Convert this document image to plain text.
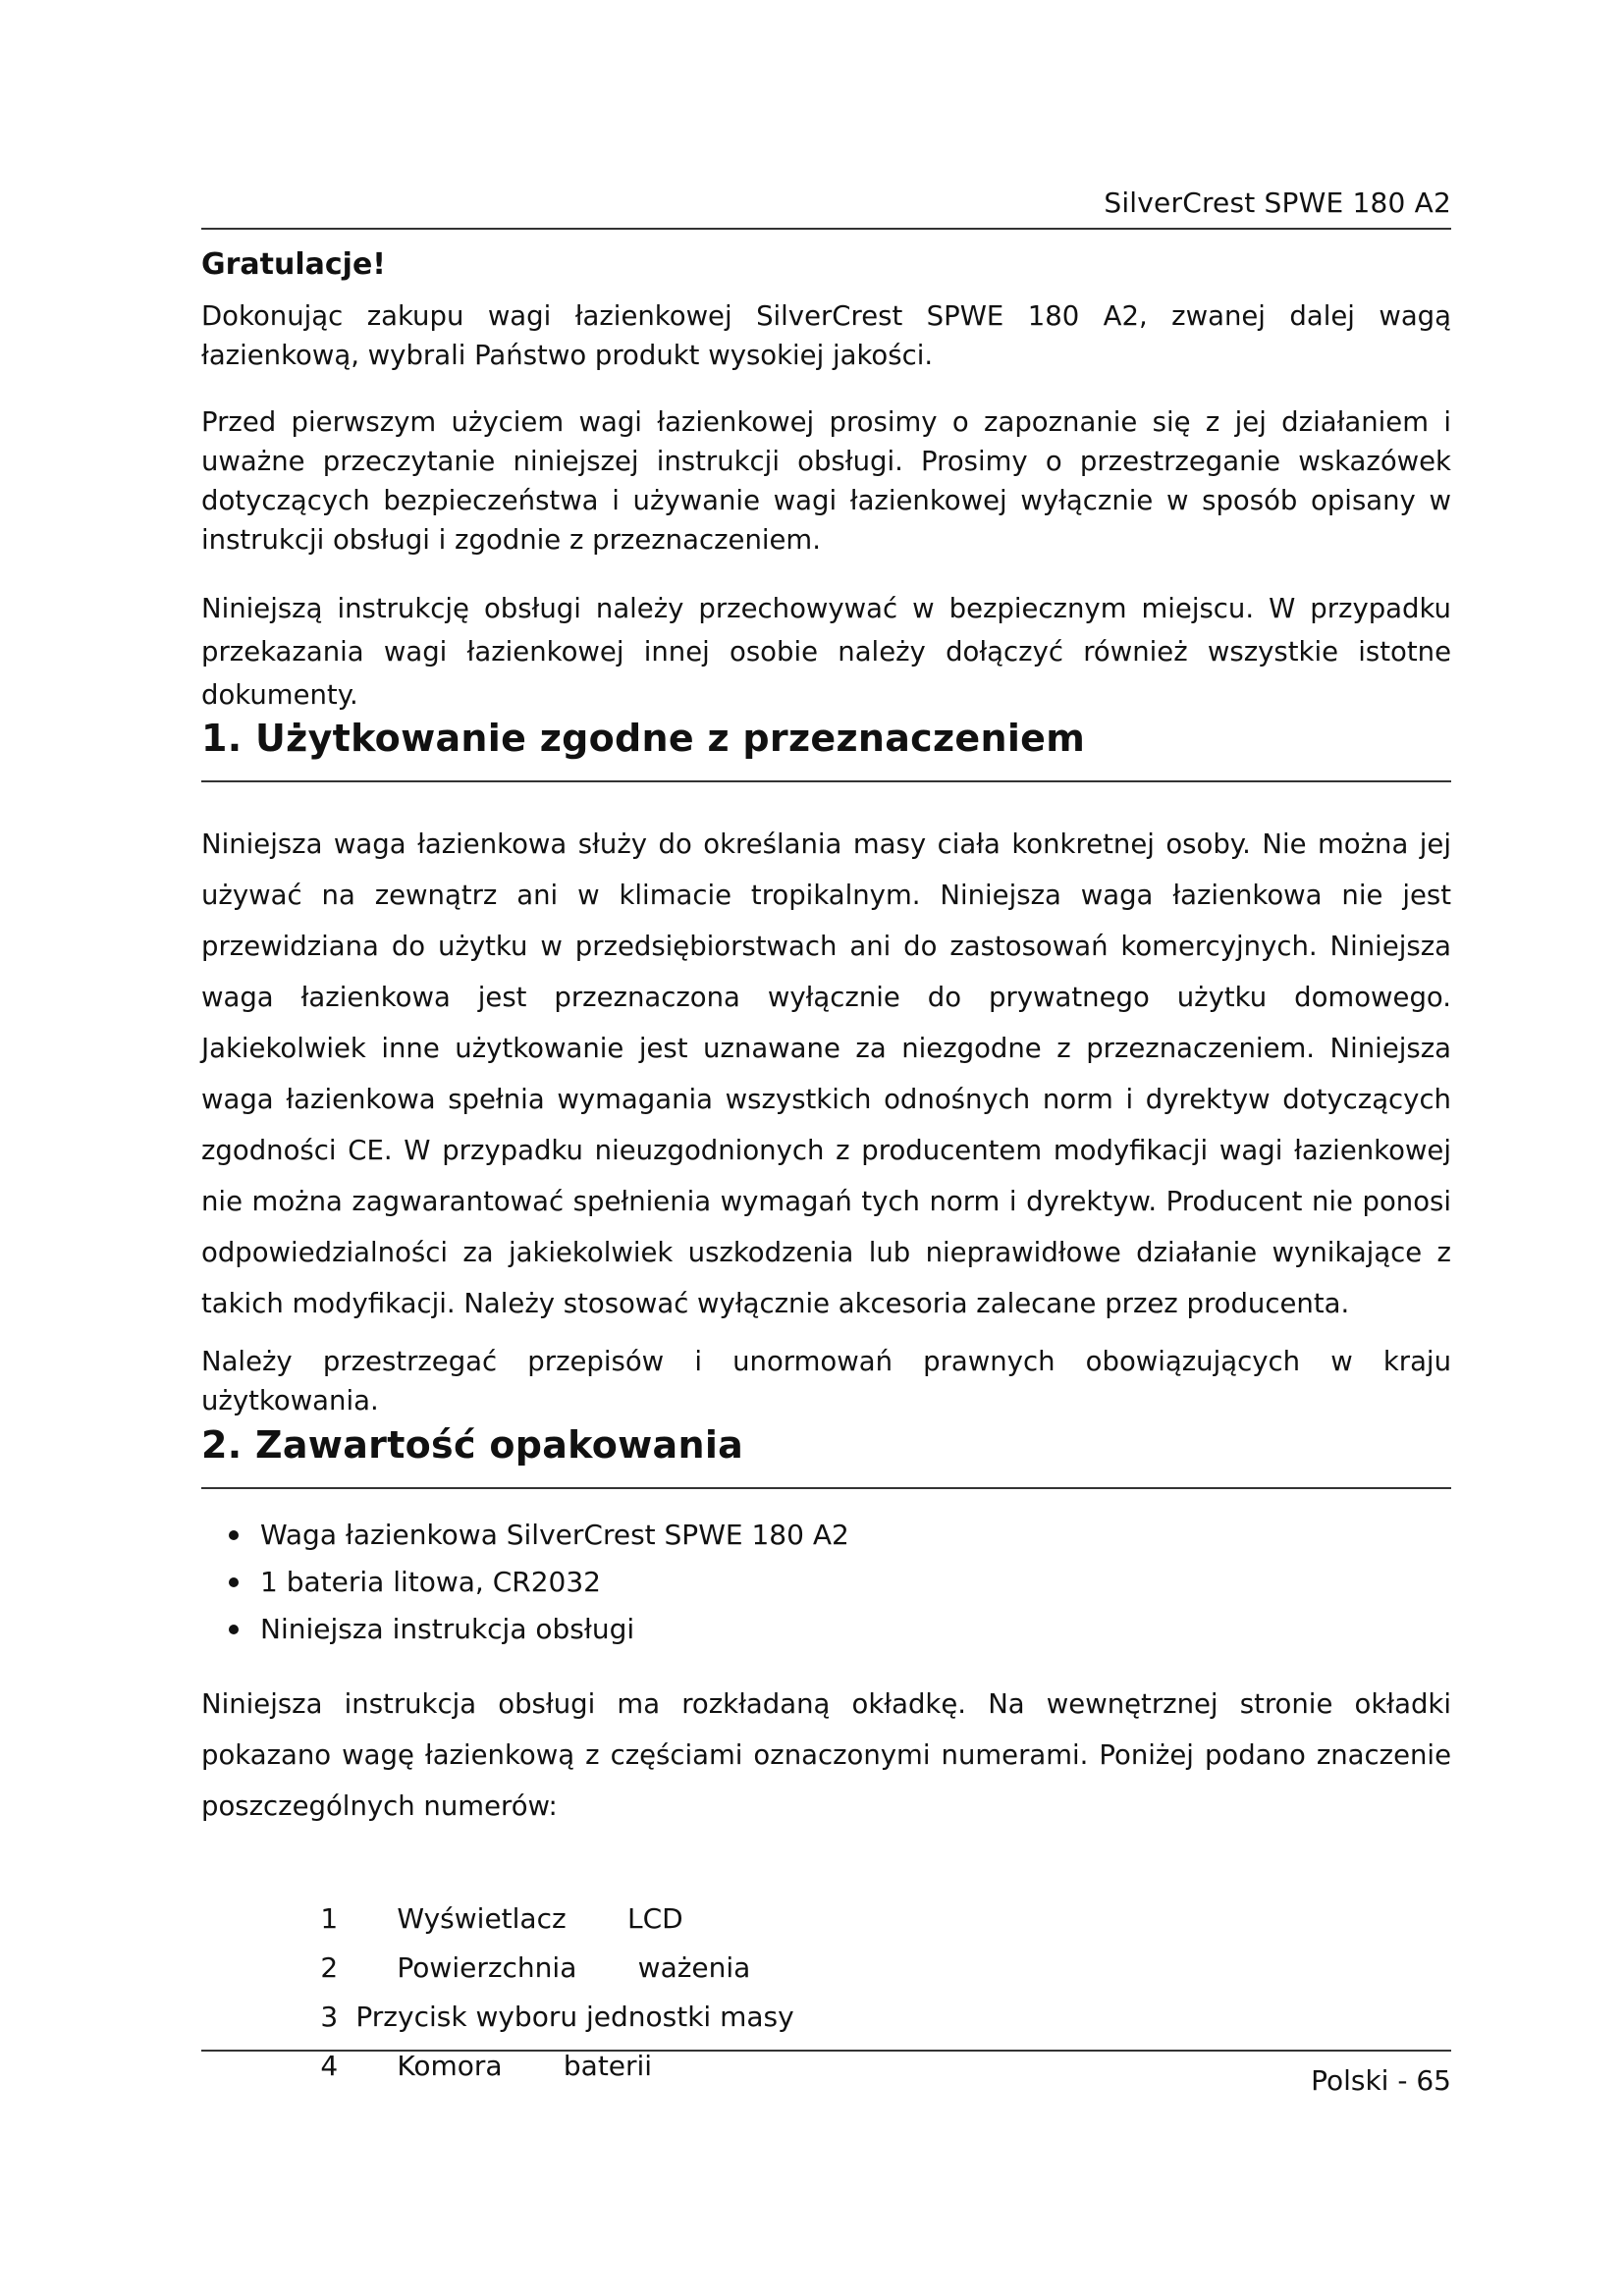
SilverCrest SPWE 180 A2
Gratulacje!

Dokonując zakupu wagi łazienkowej SilverCrest SPWE 180 A2, zwanej dalej wagą łazienkową, wybrali Państwo produkt wysokiej jakości.

Przed pierwszym użyciem wagi łazienkowej prosimy o zapoznanie się z jej działaniem i uważne przeczytanie niniejszej instrukcji obsługi. Prosimy o przestrzeganie wskazówek dotyczących bezpieczeństwa i używanie wagi łazienkowej wyłącznie w sposób opisany w instrukcji obsługi i zgodnie z przeznaczeniem.

Niniejszą instrukcję obsługi należy przechowywać w bezpiecznym miejscu. W przypadku przekazania wagi łazienkowej innej osobie należy dołączyć również wszystkie istotne dokumenty.

1. Użytkowanie zgodne z przeznaczeniem

Niniejsza waga łazienkowa służy do określania masy ciała konkretnej osoby. Nie można jej używać na zewnątrz ani w klimacie tropikalnym. Niniejsza waga łazienkowa nie jest przewidziana do użytku w przedsiębiorstwach ani do zastosowań komercyjnych. Niniejsza waga łazienkowa jest przeznaczona wyłącznie do prywatnego użytku domowego. Jakiekolwiek inne użytkowanie jest uznawane za niezgodne z przeznaczeniem. Niniejsza waga łazienkowa spełnia wymagania wszystkich odnośnych norm i dyrektyw dotyczących zgodności CE. W przypadku nieuzgodnionych z producentem modyfikacji wagi łazienkowej nie można zagwarantować spełnienia wymagań tych norm i dyrektyw. Producent nie ponosi odpowiedzialności za jakiekolwiek uszkodzenia lub nieprawidłowe działanie wynikające z takich modyfikacji. Należy stosować wyłącznie akcesoria zalecane przez producenta.

Należy przestrzegać przepisów i unormowań prawnych obowiązujących w kraju użytkowania.

2. Zawartość opakowania
Waga łazienkowa SilverCrest SPWE 180 A2
1 bateria litowa, CR2032
Niniejsza instrukcja obsługi

Niniejsza instrukcja obsługi ma rozkładaną okładkę. Na wewnętrznej stronie okładki pokazano wagę łazienkową z częściami oznaczonymi numerami. Poniżej podano znaczenie poszczególnych numerów:

1 Wyświetlacz       LCD

2 Powierzchnia       ważenia

3 Przycisk wyboru jednostki masy

4 Komora       baterii
	Polski - 65
